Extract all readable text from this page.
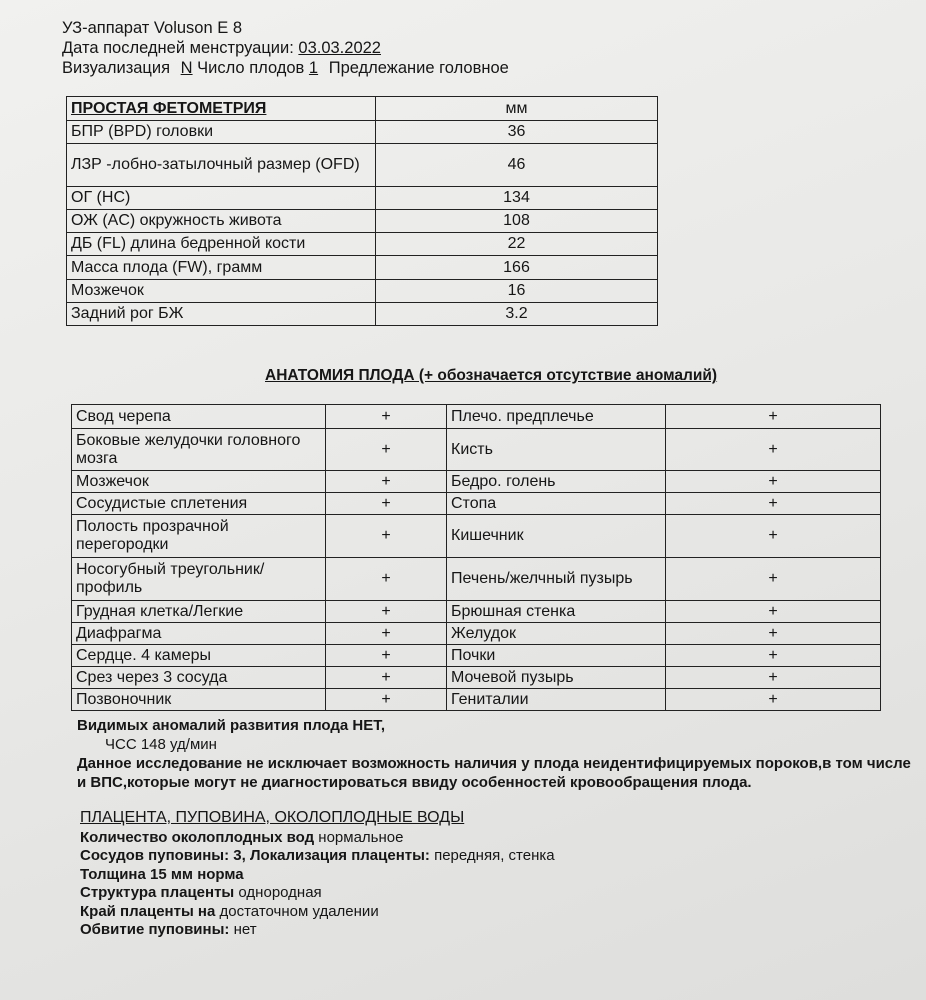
УЗ-аппарат Voluson E 8
Дата последней менструации: 03.03.2022
Визуализация N Число плодов 1 Предлежание головное
ПРОСТАЯ ФЕТОМЕТРИЯ	мм
БПР (BPD) головки	36
ЛЗР -лобно-затылочный размер (OFD)	46
ОГ (HC)	134
ОЖ (AC) окружность живота	108
ДБ (FL) длина бедренной кости	22
Масса плода (FW), грамм	166
Мозжечок	16
Задний рог БЖ	3.2
АНАТОМИЯ ПЛОДА (+ обозначается отсутствие аномалий)
Свод черепа	+	Плечо. предплечье	+
Боковые желудочки головного мозга	+	Кисть	+
Мозжечок	+	Бедро. голень	+
Сосудистые сплетения	+	Стопа	+
Полость прозрачной перегородки	+	Кишечник	+
Носогубный треугольник/профиль	+	Печень/желчный пузырь	+
Грудная клетка/Легкие	+	Брюшная стенка	+
Диафрагма	+	Желудок	+
Сердце. 4 камеры	+	Почки	+
Срез через 3 сосуда	+	Мочевой пузырь	+
Позвоночник	+	Гениталии	+
Видимых аномалий развития плода НЕТ,
ЧСС 148 уд/мин
Данное исследование не исключает возможность наличия у плода неидентифицируемых пороков,в том числе и ВПС,которые могут не диагностироваться ввиду особенностей кровообращения плода.
ПЛАЦЕНТА, ПУПОВИНА, ОКОЛОПЛОДНЫЕ ВОДЫ
Количество околоплодных вод нормальное
Сосудов пуповины: 3, Локализация плаценты: передняя, стенка
Толщина 15 мм норма
Структура плаценты однородная
Край плаценты на достаточном удалении
Обвитие пуповины: нет
